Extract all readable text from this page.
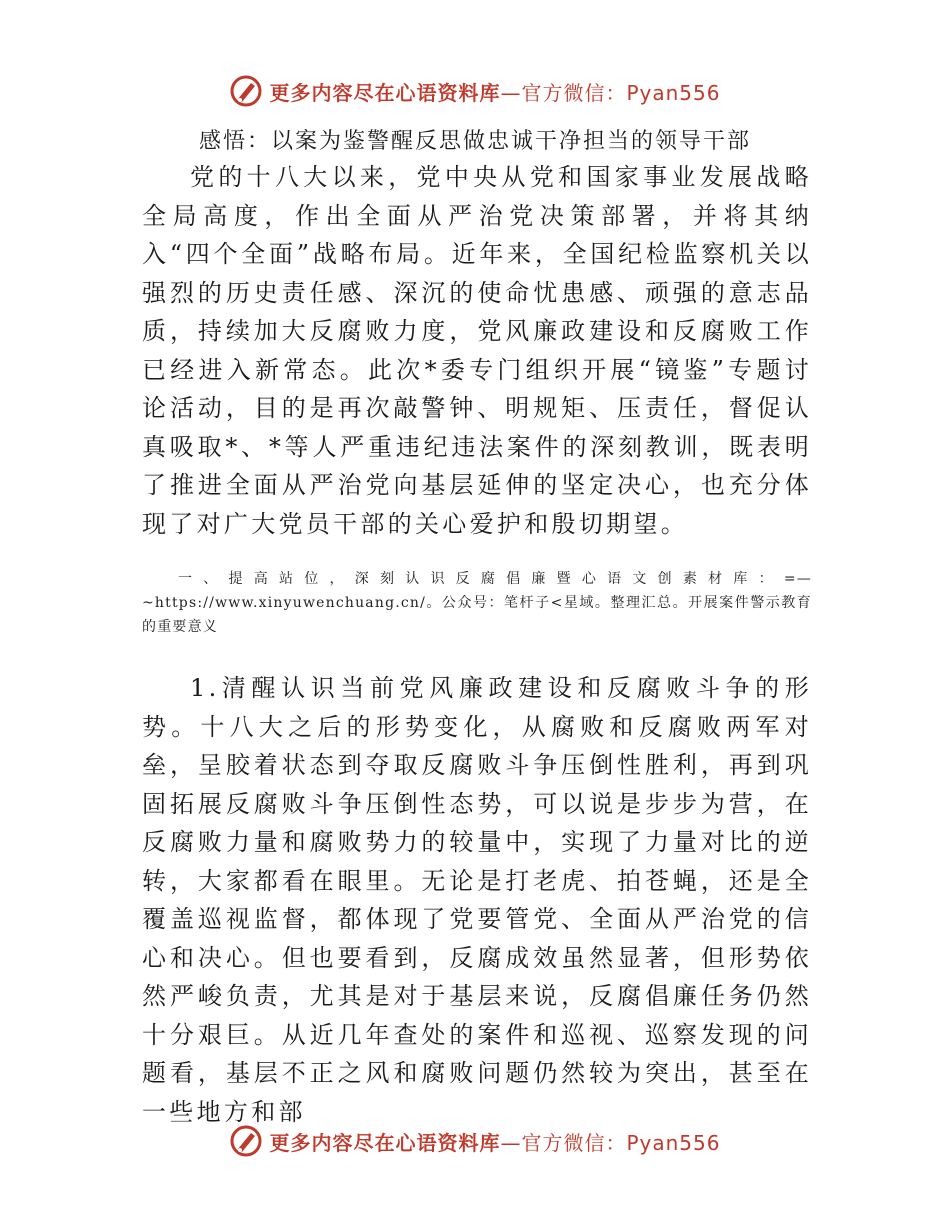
更多内容尽在心语资料库—官方微信：Pyan556
感悟：以案为鉴警醒反思做忠诚干净担当的领导干部

党的十八大以来，党中央从党和国家事业发展战略全局高度，作出全面从严治党决策部署，并将其纳入“四个全面”战略布局。近年来，全国纪检监察机关以强烈的历史责任感、深沉的使命忧患感、顽强的意志品质，持续加大反腐败力度，党风廉政建设和反腐败工作已经进入新常态。此次*委专门组织开展“镜鉴”专题讨论活动，目的是再次敲警钟、明规矩、压责任，督促认真吸取*、*等人严重违纪违法案件的深刻教训，既表明了推进全面从严治党向基层延伸的坚定决心，也充分体现了对广大党员干部的关心爱护和殷切期望。

一、提高站位，深刻认识反腐倡廉暨心语文创素材库：=—~https://www.xinyuwenchuang.cn/。公众号：笔杆子<星域。整理汇总。开展案件警示教育的重要意义

1.清醒认识当前党风廉政建设和反腐败斗争的形势。十八大之后的形势变化，从腐败和反腐败两军对垒，呈胶着状态到夺取反腐败斗争压倒性胜利，再到巩固拓展反腐败斗争压倒性态势，可以说是步步为营，在反腐败力量和腐败势力的较量中，实现了力量对比的逆转，大家都看在眼里。无论是打老虎、拍苍蝇，还是全覆盖巡视监督，都体现了党要管党、全面从严治党的信心和决心。但也要看到，反腐成效虽然显著，但形势依然严峻负责，尤其是对于基层来说，反腐倡廉任务仍然十分艰巨。从近几年查处的案件和巡视、巡察发现的问题看，基层不正之风和腐败问题仍然较为突出，甚至在一些地方和部

更多内容尽在心语资料库—官方微信：Pyan556
